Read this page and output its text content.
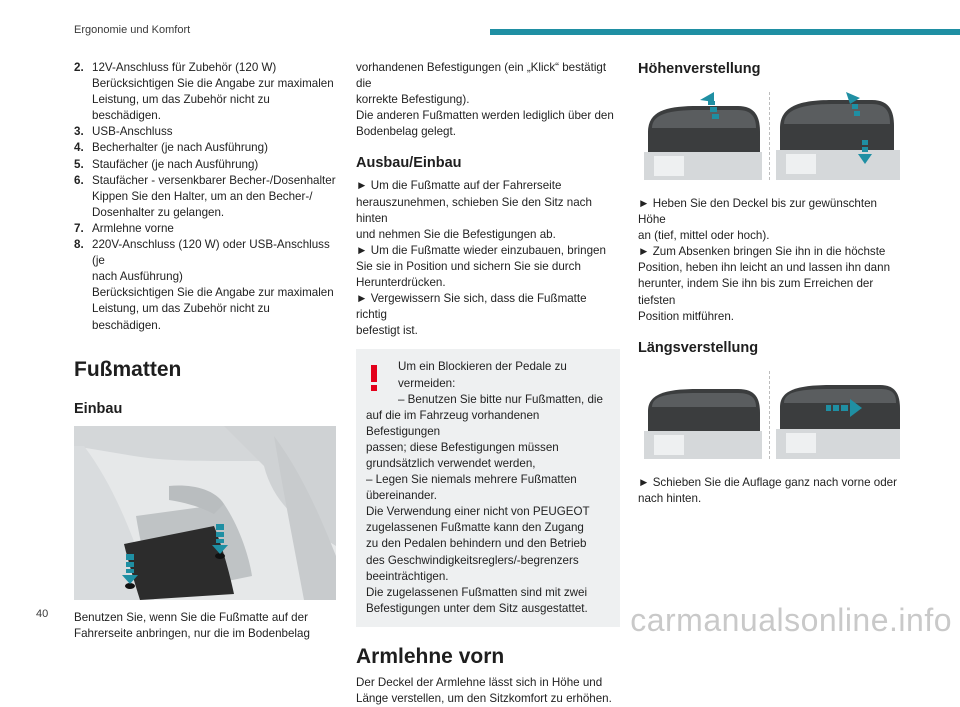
Ergonomie und Komfort
2. 12V-Anschluss für Zubehör (120 W)
Berücksichtigen Sie die Angabe zur maximalen
Leistung, um das Zubehör nicht zu beschädigen.
3. USB-Anschluss
4. Becherhalter (je nach Ausführung)
5. Staufächer (je nach Ausführung)
6. Staufächer - versenkbarer Becher-/Dosenhalter
Kippen Sie den Halter, um an den Becher-/
Dosenhalter zu gelangen.
7. Armlehne vorne
8. 220V-Anschluss (120 W) oder USB-Anschluss (je
nach Ausführung)
Berücksichtigen Sie die Angabe zur maximalen
Leistung, um das Zubehör nicht zu beschädigen.
Fußmatten
Einbau
Benutzen Sie, wenn Sie die Fußmatte auf der
Fahrerseite anbringen, nur die im Bodenbelag
vorhandenen Befestigungen (ein „Klick“ bestätigt die
korrekte Befestigung).
Die anderen Fußmatten werden lediglich über den
Bodenbelag gelegt.
Ausbau/Einbau
► Um die Fußmatte auf der Fahrerseite
herauszunehmen, schieben Sie den Sitz nach hinten
und nehmen Sie die Befestigungen ab.
► Um die Fußmatte wieder einzubauen, bringen
Sie sie in Position und sichern Sie sie durch
Herunterdrücken.
► Vergewissern Sie sich, dass die Fußmatte richtig
befestigt ist.

Um ein Blockieren der Pedale zu vermeiden:

– Benutzen Sie bitte nur Fußmatten, die

auf die im Fahrzeug vorhandenen Befestigungen

passen; diese Befestigungen müssen

grundsätzlich verwendet werden,

– Legen Sie niemals mehrere Fußmatten

übereinander.

Die Verwendung einer nicht von PEUGEOT

zugelassenen Fußmatte kann den Zugang

zu den Pedalen behindern und den Betrieb

des Geschwindigkeitsreglers/-begrenzers

beeinträchtigen.

Die zugelassenen Fußmatten sind mit zwei

Befestigungen unter dem Sitz ausgestattet.

Armlehne vorn
Der Deckel der Armlehne lässt sich in Höhe und
Länge verstellen, um den Sitzkomfort zu erhöhen.
Höhenverstellung
► Heben Sie den Deckel bis zur gewünschten Höhe
an (tief, mittel oder hoch).
► Zum Absenken bringen Sie ihn in die höchste
Position, heben ihn leicht an und lassen ihn dann
herunter, indem Sie ihn bis zum Erreichen der tiefsten
Position mitführen.
Längsverstellung
► Schieben Sie die Auflage ganz nach vorne oder
nach hinten.
40	carmanualsonline.info
